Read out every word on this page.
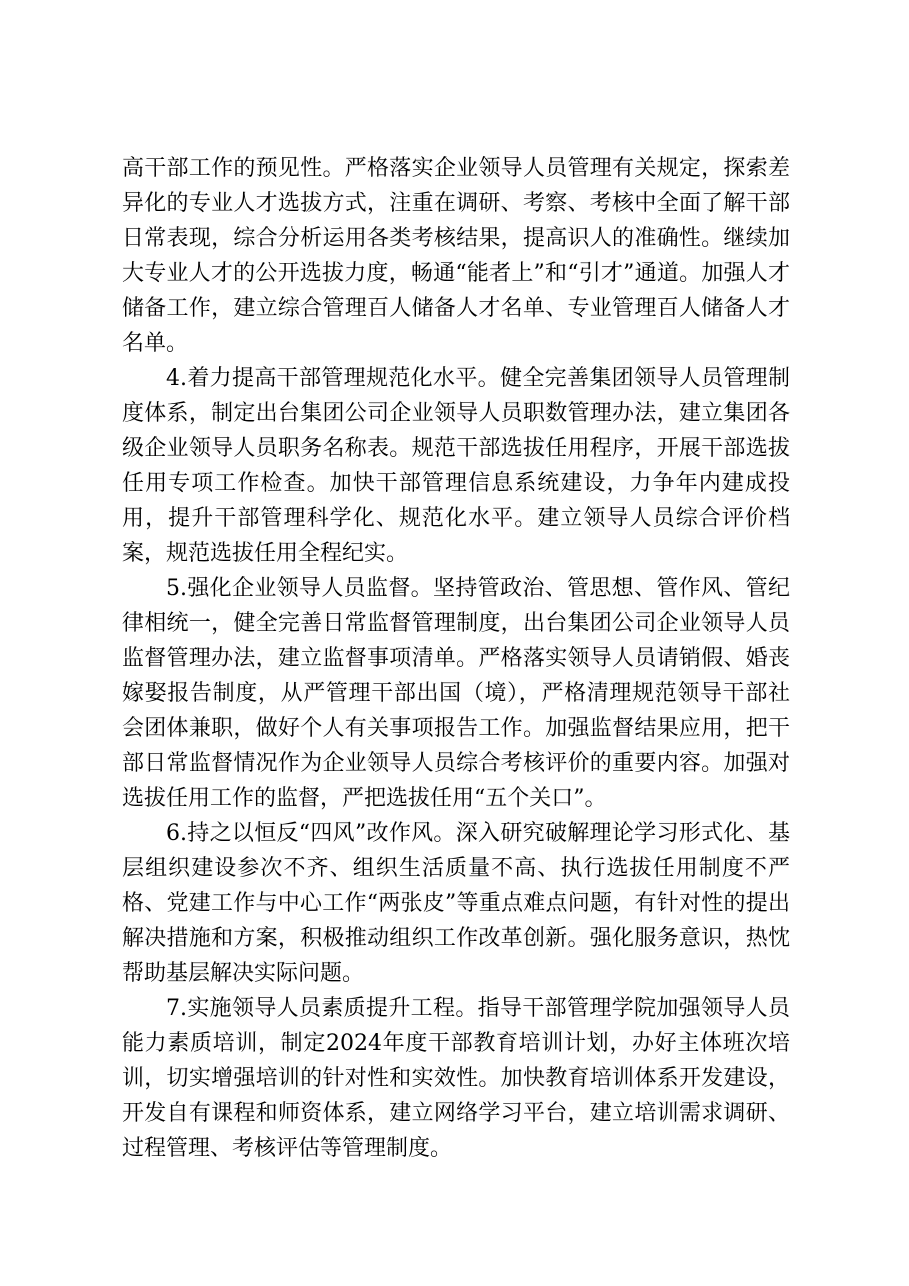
高干部工作的预见性。严格落实企业领导人员管理有关规定，探索差异化的专业人才选拔方式，注重在调研、考察、考核中全面了解干部日常表现，综合分析运用各类考核结果，提高识人的准确性。继续加大专业人才的公开选拔力度，畅通“能者上”和“引才”通道。加强人才储备工作，建立综合管理百人储备人才名单、专业管理百人储备人才名单。

4.着力提高干部管理规范化水平。健全完善集团领导人员管理制度体系，制定出台集团公司企业领导人员职数管理办法，建立集团各级企业领导人员职务名称表。规范干部选拔任用程序，开展干部选拔任用专项工作检查。加快干部管理信息系统建设，力争年内建成投用，提升干部管理科学化、规范化水平。建立领导人员综合评价档案，规范选拔任用全程纪实。

5.强化企业领导人员监督。坚持管政治、管思想、管作风、管纪律相统一，健全完善日常监督管理制度，出台集团公司企业领导人员监督管理办法，建立监督事项清单。严格落实领导人员请销假、婚丧嫁娶报告制度，从严管理干部出国（境），严格清理规范领导干部社会团体兼职，做好个人有关事项报告工作。加强监督结果应用，把干部日常监督情况作为企业领导人员综合考核评价的重要内容。加强对选拔任用工作的监督，严把选拔任用“五个关口”。

6.持之以恒反“四风”改作风。深入研究破解理论学习形式化、基层组织建设参次不齐、组织生活质量不高、执行选拔任用制度不严格、党建工作与中心工作“两张皮”等重点难点问题，有针对性的提出解决措施和方案，积极推动组织工作改革创新。强化服务意识，热忱帮助基层解决实际问题。

7.实施领导人员素质提升工程。指导干部管理学院加强领导人员能力素质培训，制定2024年度干部教育培训计划，办好主体班次培训，切实增强培训的针对性和实效性。加快教育培训体系开发建设，开发自有课程和师资体系，建立网络学习平台，建立培训需求调研、过程管理、考核评估等管理制度。
